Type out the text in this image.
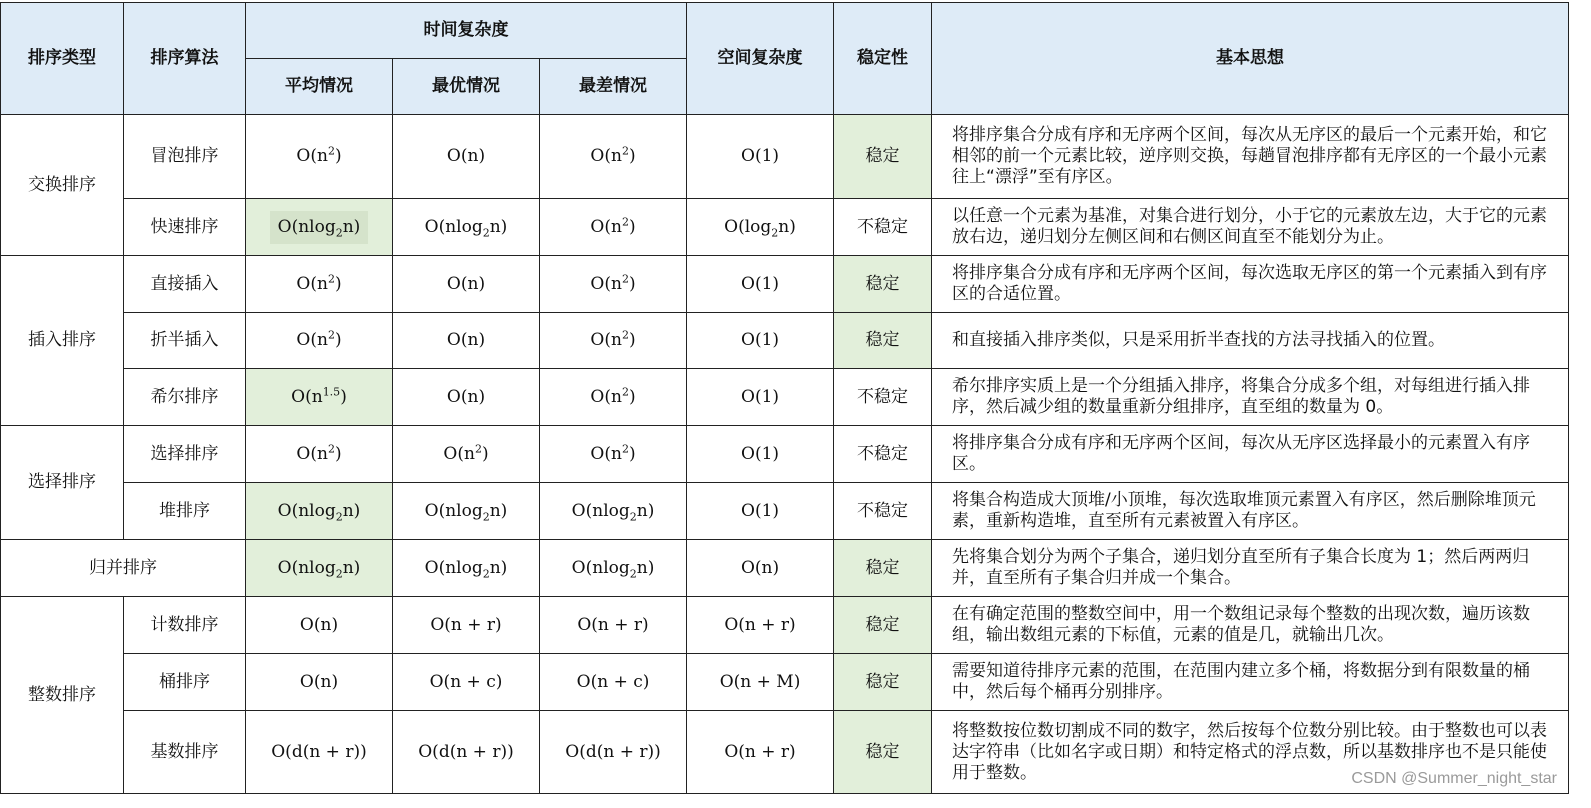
排序类型	排序算法	时间复杂度			空间复杂度	稳定性	基本思想
		平均情况	最优情况	最差情况			
交换排序	冒泡排序	$O(n^2)$	O(n)	$O(n^2)$	O(1)	稳定	将排序集合分成有序和无序两个区间，每次从无序区的最后一个元素开始，和它相邻的前一个元素比较，逆序则交换，每趟冒泡排序都有无序区的一个最小元素往上“漂浮”至有序区。
	快速排序	O(nlog$_2$n)	O(nlog$_2$n)	$O(n^2)$	$O(\log_2n)$	不稳定	以任意一个元素为基准，对集合进行划分，小于它的元素放左边，大于它的元素放右边，递归划分左侧区间和右侧区间直至不能划分为止。
插入排序	直接插入	$O(n^2)$	O(n)	$O(n^2)$	O(1)	稳定	将排序集合分成有序和无序两个区间，每次选取无序区的第一个元素插入到有序区的合适位置。
	折半插入	$O(n^2)$	O(n)	$O(n^2)$	O(1)	稳定	和直接插入排序类似，只是采用折半查找的方法寻找插入的位置。
	希尔排序	$O(n^{1.5})$	O(n)	$O(n^2)$	O(1)	不稳定	希尔排序实质上是一个分组插入排序，将集合分成多个组，对每组进行插入排序，然后减少组的数量重新分组排序，直至组的数量为 0。
选择排序	选择排序	$O(n^2)$	$O(n^2)$	$O(n^2)$	O(1)	不稳定	将排序集合分成有序和无序两个区间，每次从无序区选择最小的元素置入有序区。
	堆排序	O(nlog$_2$n)	O(nlog$_2$n)	O(nlog$_2$n)	O(1)	不稳定	将集合构造成大顶堆/小顶堆，每次选取堆顶元素置入有序区，然后删除堆顶元素，重新构造堆，直至所有元素被置入有序区。
归并排序		O(nlog$_2$n)	O(nlog$_2$n)	O(nlog$_2$n)	O(n)	稳定	先将集合划分为两个子集合，递归划分直至所有子集合长度为 1；然后两两归并，直至所有子集合归并成一个集合。
整数排序	计数排序	O(n)	O(n + r)	O(n + r)	O(n + r)	稳定	在有确定范围的整数空间中，用一个数组记录每个整数的出现次数，遍历该数组，输出数组元素的下标值，元素的值是几，就输出几次。
	桶排序	O(n)	O(n + c)	O(n + c)	O(n + M)	稳定	需要知道待排序元素的范围，在范围内建立多个桶，将数据分到有限数量的桶中，然后每个桶再分别排序。
	基数排序	O(d(n + r))	O(d(n + r))	O(d(n + r))	O(n + r)	稳定	将整数按位数切割成不同的数字，然后按每个位数分别比较。由于整数也可以表达字符串（比如名字或日期）和特定格式的浮点数，所以基数排序也不是只能使用于整数。	CSDN @Summer_night_star
